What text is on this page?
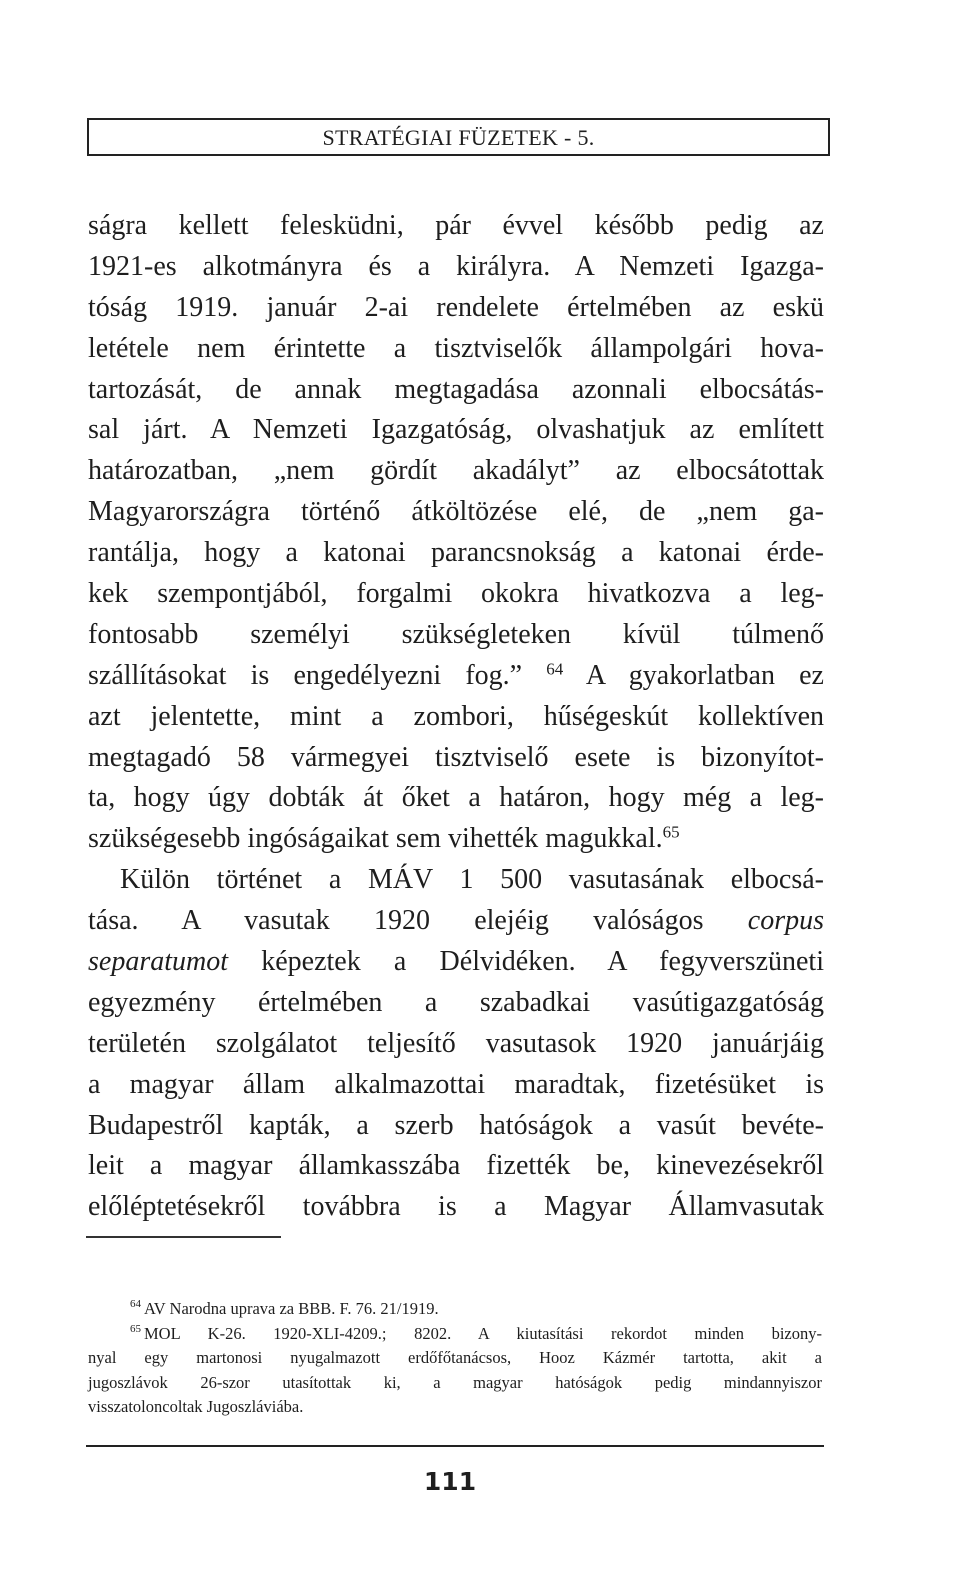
STRATÉGIAI FÜZETEK - 5.
ságra kellett felesküdni, pár évvel később pedig az
1921-es alkotmányra és a királyra. A Nemzeti Igazga-
tóság 1919. január 2-ai rendelete értelmében az eskü
letétele nem érintette a tisztviselők állampolgári hova-
tartozását, de annak megtagadása azonnali elbocsátás-
sal járt. A Nemzeti Igazgatóság, olvashatjuk az említett
határozatban, „nem gördít akadályt” az elbocsátottak
Magyarországra történő átköltözése elé, de „nem ga-
rantálja, hogy a katonai parancsnokság a katonai érde-
kek szempontjából, forgalmi okokra hivatkozva a leg-
fontosabb személyi szükségleteken kívül túlmenő
szállításokat is engedélyezni fog.” $^{64}$ A gyakorlatban ez
azt jelentette, mint a zombori, hűségeskút kollektíven
megtagadó 58 vármegyei tisztviselő esete is bizonyítot-
ta, hogy úgy dobták át őket a határon, hogy még a leg-
szükségesebb ingóságaikat sem vihették magukkal.$^{65}$
Külön történet a MÁV 1 500 vasutasának elbocsá-
tása. A vasutak 1920 elejéig valóságos corpus
separatumot képeztek a Délvidéken. A fegyverszüneti
egyezmény értelmében a szabadkai vasútigazgatóság
területén szolgálatot teljesítő vasutasok 1920 januárjáig
a magyar állam alkalmazottai maradtak, fizetésüket is
Budapestről kapták, a szerb hatóságok a vasút bevéte-
leit a magyar államkasszába fizették be, kinevezésekről
előléptetésekről továbbra is a Magyar Államvasutak
$^{64}$ AV Narodna uprava za BBB. F. 76. 21/1919.
$^{65}$ MOL K-26. 1920-XLI-4209.; 8202. A kiutasítási rekordot minden bizony-
nyal egy martonosi nyugalmazott erdőfőtanácsos, Hooz Kázmér tartotta, akit a
jugoszlávok 26-szor utasítottak ki, a magyar hatóságok pedig mindannyiszor
visszatoloncoltak Jugoszláviába.
111
